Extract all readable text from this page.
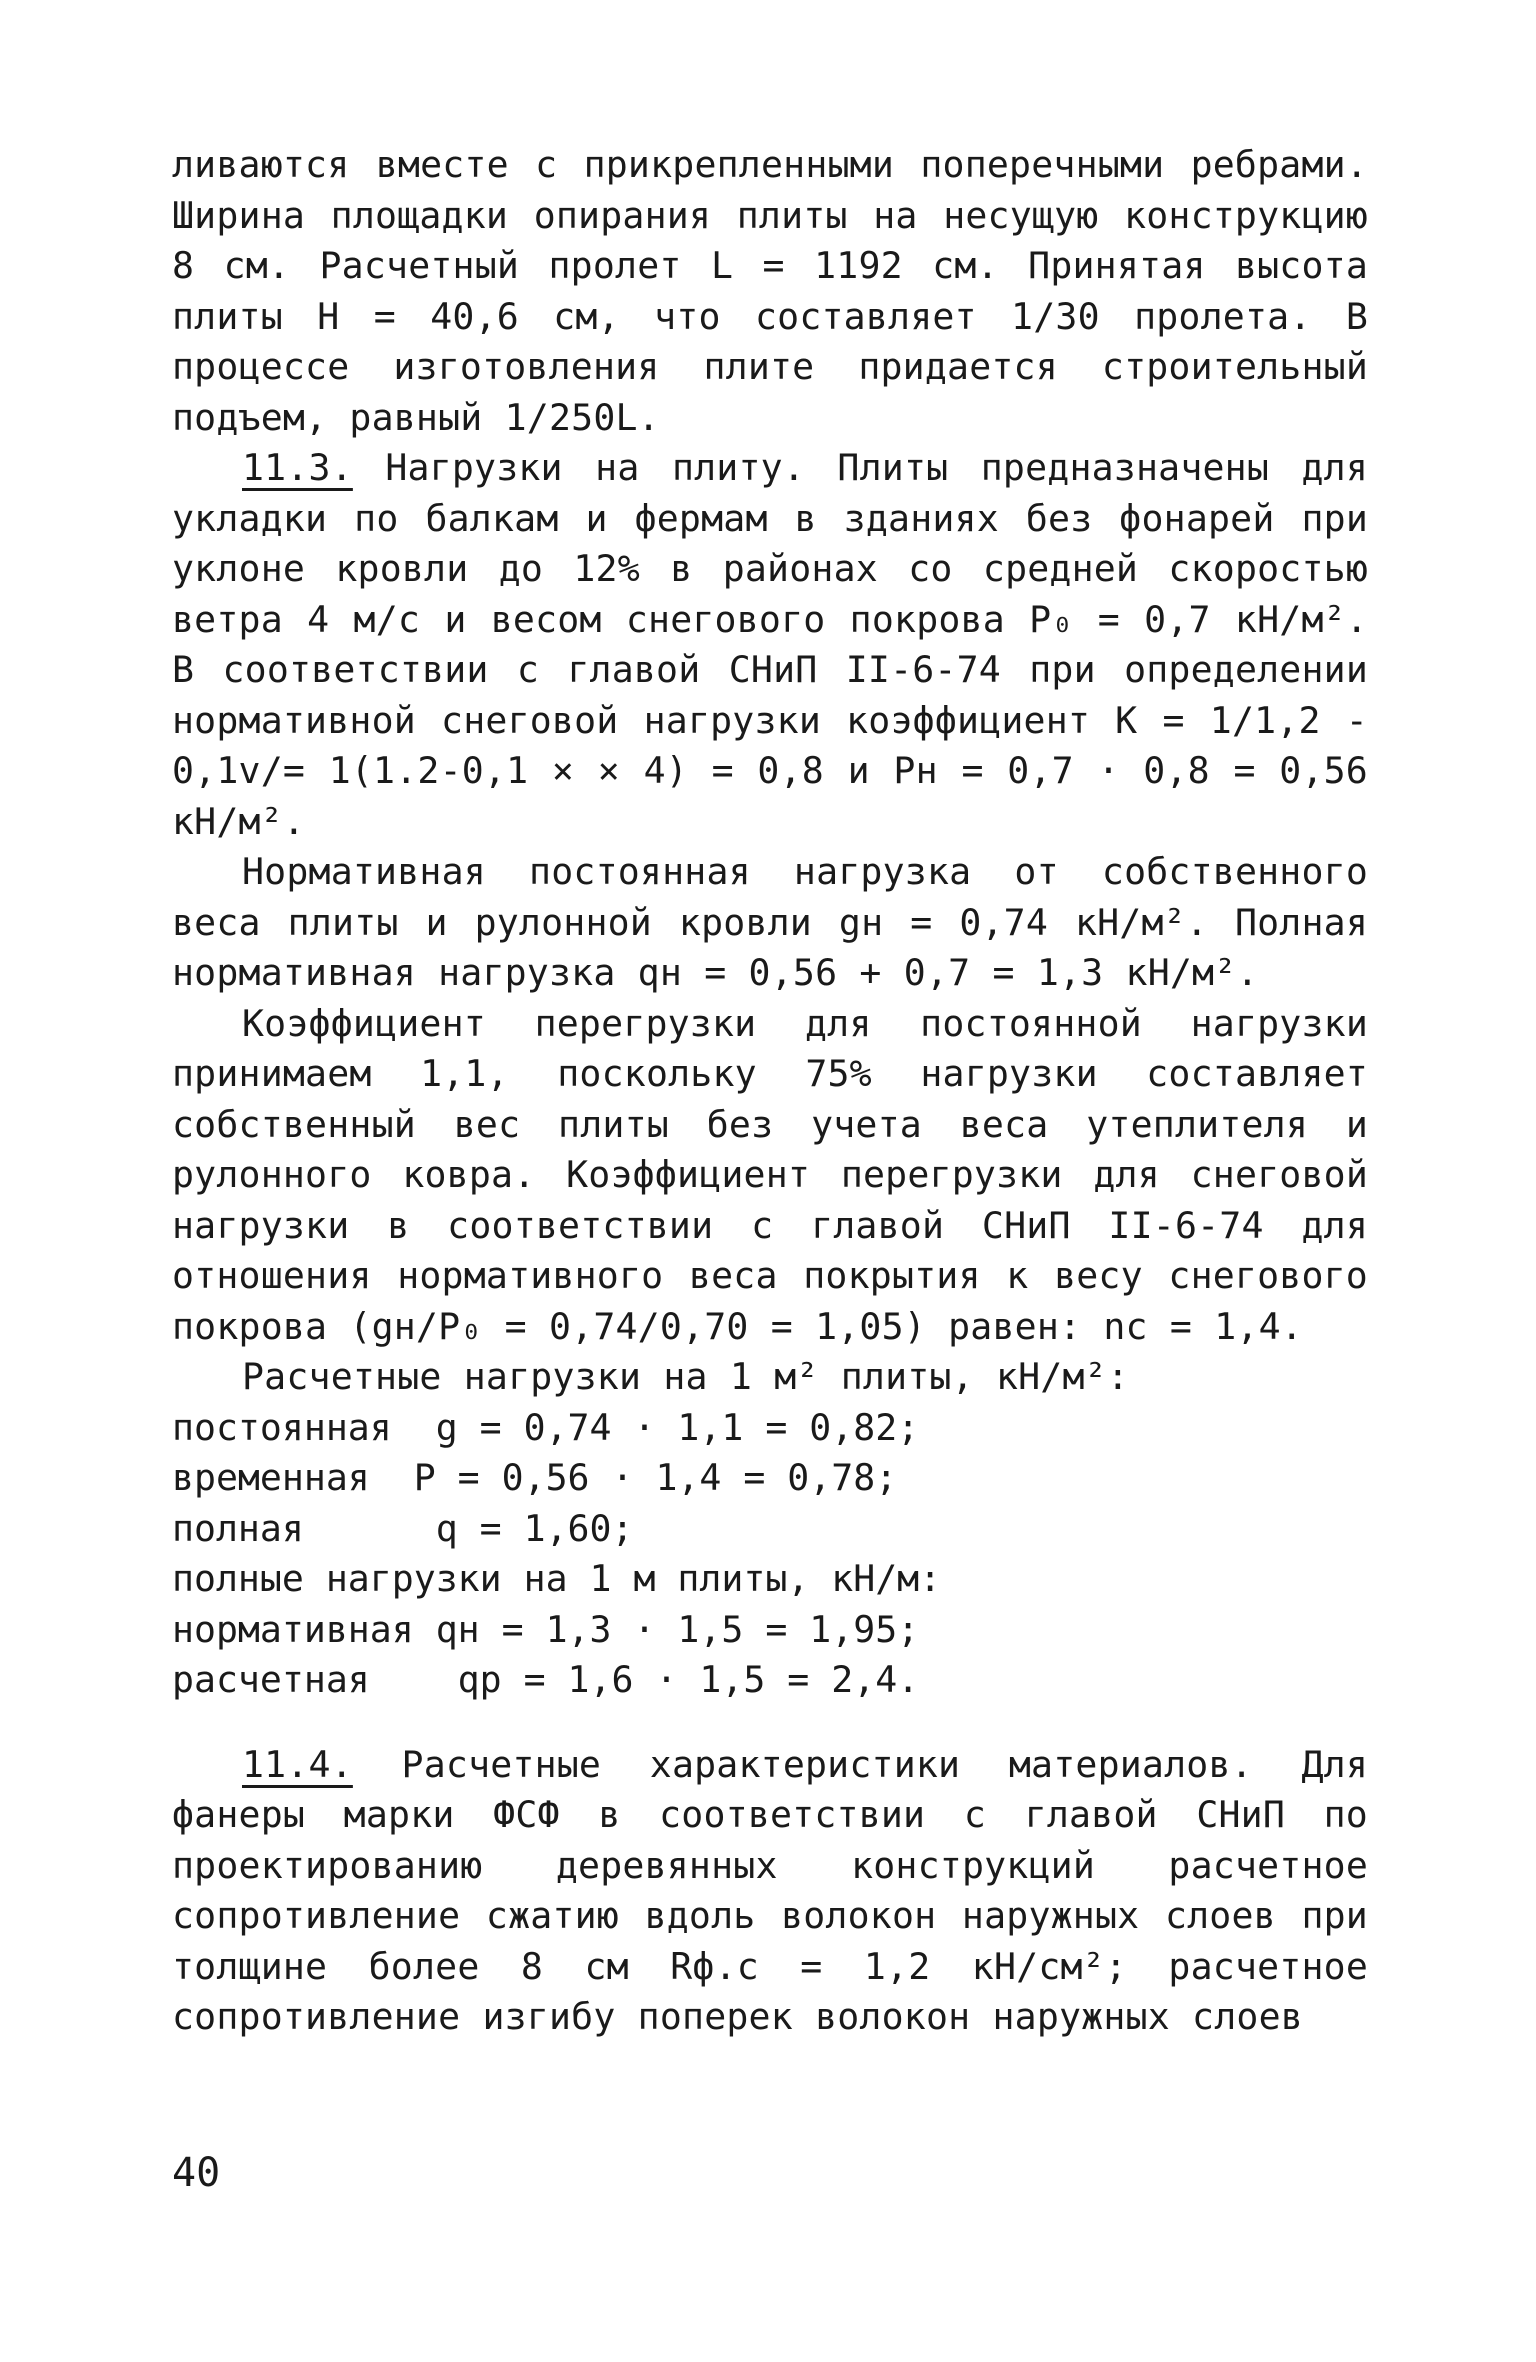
ливаются вместе с прикрепленными поперечными ребрами. Ширина площадки опирания плиты на несущую конструкцию 8 см. Расчетный пролет L = 1192 см. Принятая высота плиты H = 40,6 см, что составляет 1/30 пролета. В процессе изготовления плите придается строительный подъем, равный 1/250L.

11.3. Нагрузки на плиту. Плиты предназначены для укладки по балкам и фермам в зданиях без фонарей при уклоне кровли до 12% в районах со средней скоростью ветра 4 м/с и весом снегового покрова P₀ = 0,7 кН/м². В соответствии с главой СНиП II-6-74 при определении нормативной снеговой нагрузки коэффициент K = 1/1,2 - 0,1v/= 1(1.2-0,1 × × 4) = 0,8 и Pн = 0,7 · 0,8 = 0,56 кН/м².

Нормативная постоянная нагрузка от собственного веса плиты и рулонной кровли gн = 0,74 кН/м². Полная нормативная нагрузка qн = 0,56 + 0,7 = 1,3 кН/м².

Коэффициент перегрузки для постоянной нагрузки принимаем 1,1, поскольку 75% нагрузки составляет собственный вес плиты без учета веса утеплителя и рулонного ковра. Коэффициент перегрузки для снеговой нагрузки в соответствии с главой СНиП II-6-74 для отношения нормативного веса покрытия к весу снегового покрова (gн/P₀ = 0,74/0,70 = 1,05) равен: nс = 1,4.

Расчетные нагрузки на 1 м² плиты, кН/м²:

постоянная  g = 0,74 · 1,1 = 0,82;

временная  P = 0,56 · 1,4 = 0,78;

полная      q = 1,60;

полные нагрузки на 1 м плиты, кН/м:

нормативная qн = 1,3 · 1,5 = 1,95;

расчетная    qр = 1,6 · 1,5 = 2,4.

11.4. Расчетные характеристики материалов. Для фанеры марки ФСФ в соответствии с главой СНиП по проектированию деревянных конструкций расчетное сопротивление сжатию вдоль волокон наружных слоев при толщине более 8 см Rф.с = 1,2 кН/см²; расчетное сопротивление изгибу поперек волокон наружных слоев

40
